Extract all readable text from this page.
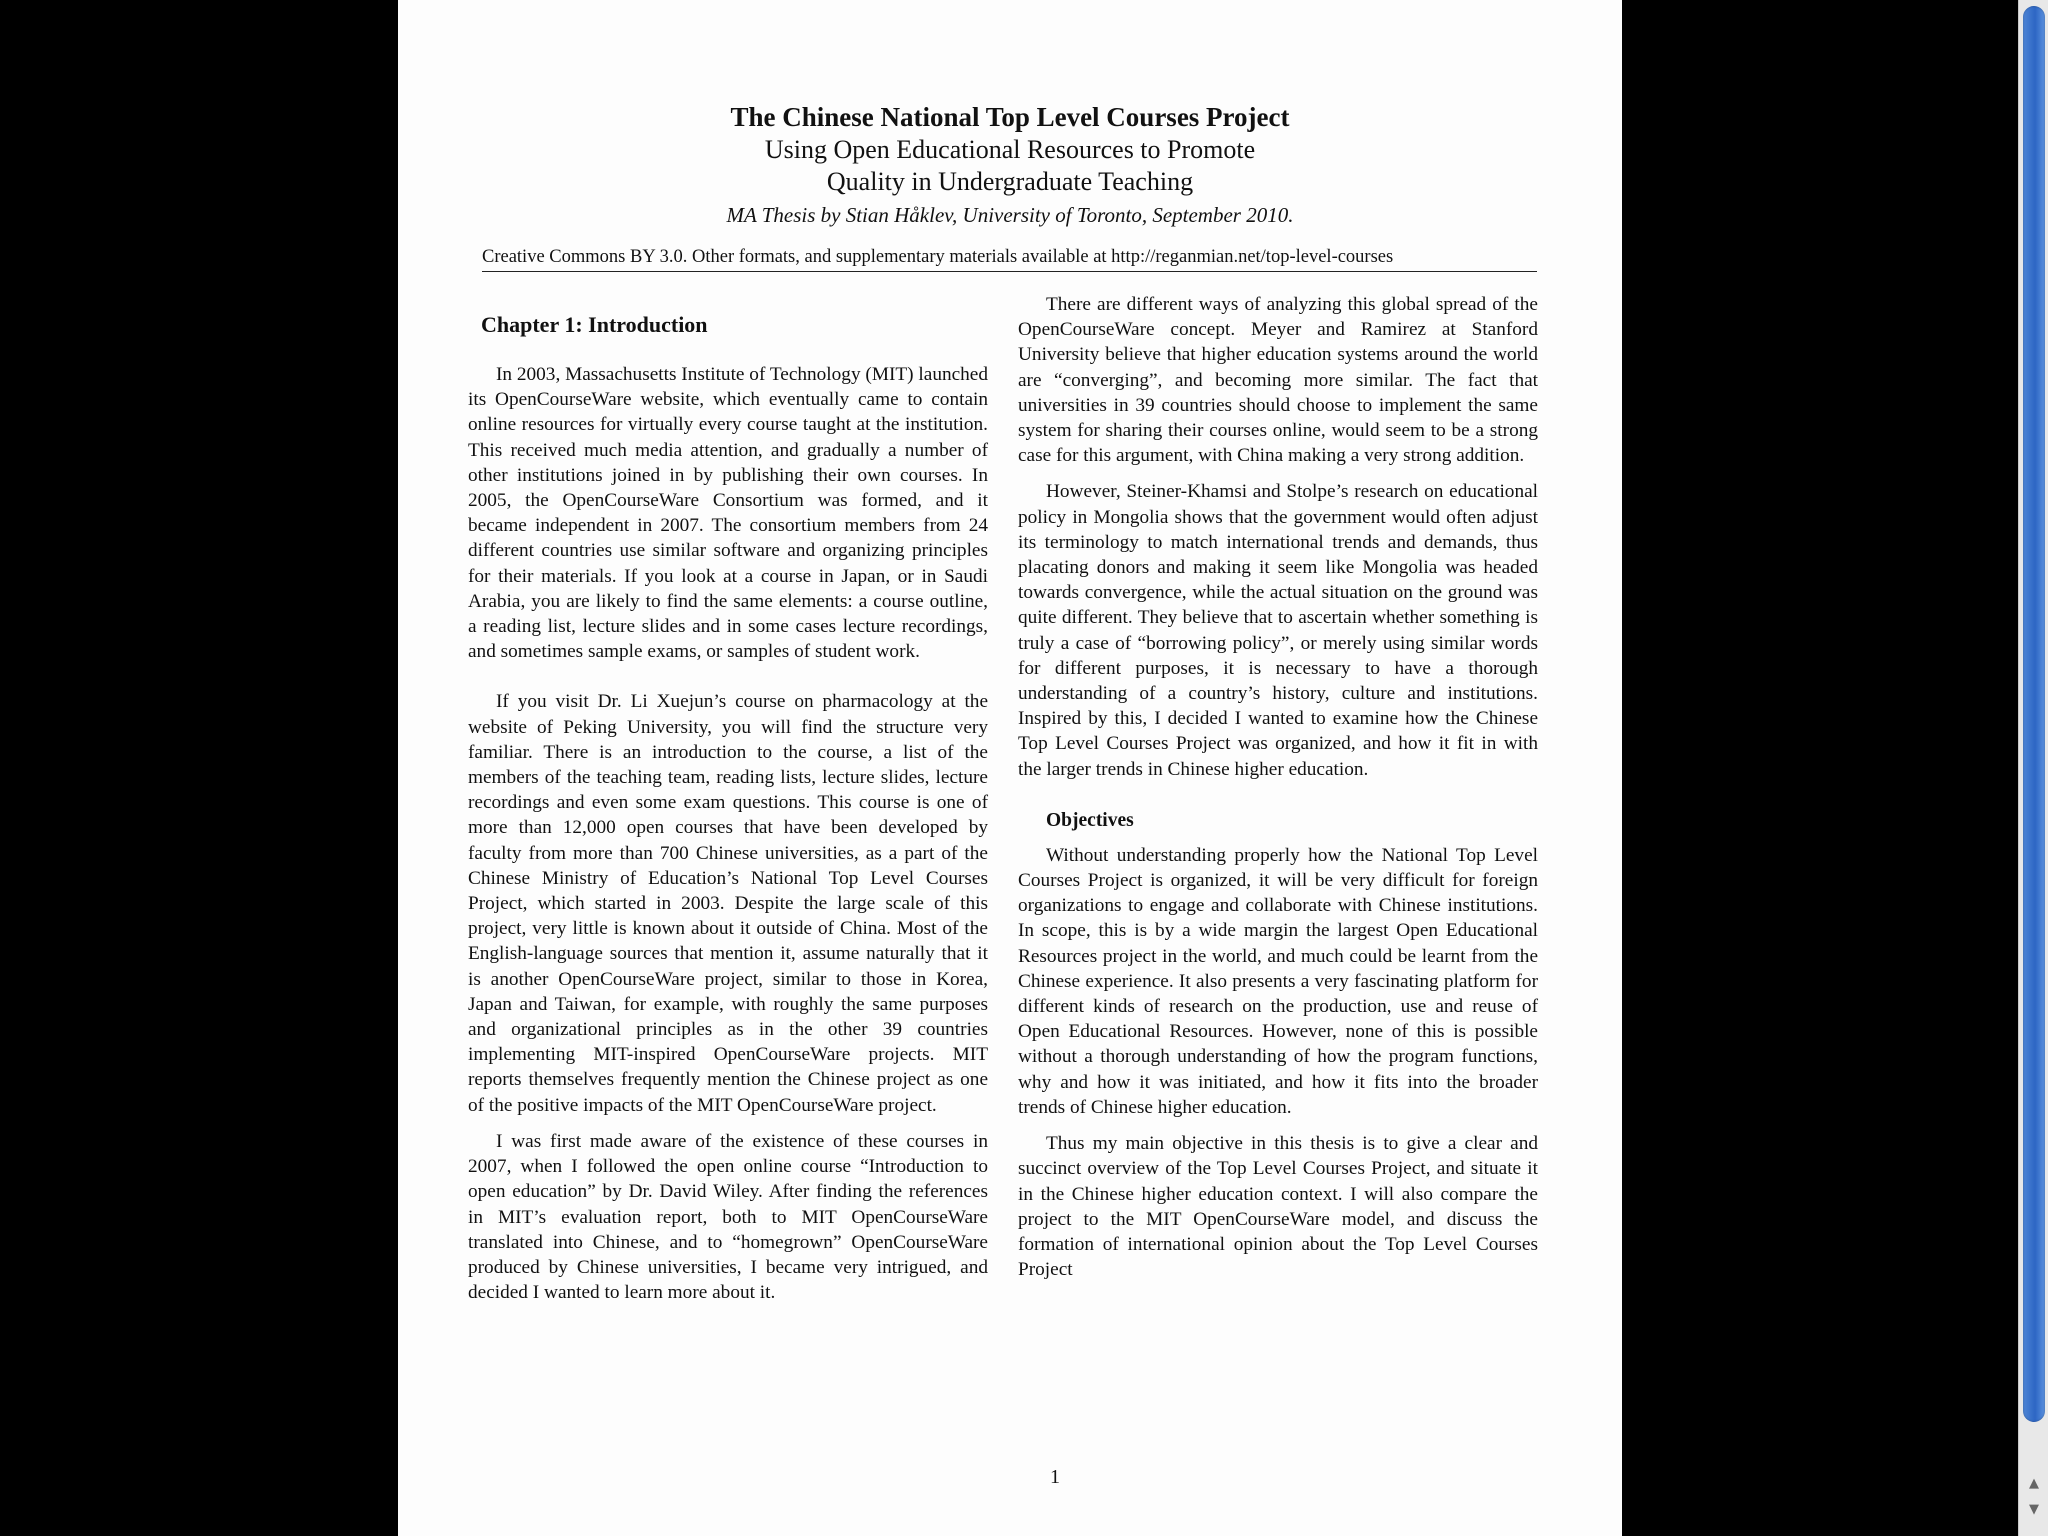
The Chinese National Top Level Courses Project
Using Open Educational Resources to Promote
Quality in Undergraduate Teaching
MA Thesis by Stian Håklev, University of Toronto, September 2010.
Creative Commons BY 3.0. Other formats, and supplementary materials available at http://reganmian.net/top-level-courses
Chapter 1: Introduction

In 2003, Massachusetts Institute of Technology (MIT) launched its OpenCourseWare website, which eventually came to contain online resources for virtually every course taught at the institution. This received much media attention, and gradually a number of other institutions joined in by publishing their own courses. In 2005, the OpenCourseWare Consortium was formed, and it became independent in 2007. The consortium members from 24 different countries use similar software and organizing principles for their materials. If you look at a course in Japan, or in Saudi Arabia, you are likely to find the same elements: a course outline, a reading list, lecture slides and in some cases lecture recordings, and sometimes sample exams, or samples of student work.

If you visit Dr. Li Xuejun’s course on pharmacology at the website of Peking University, you will find the structure very familiar. There is an introduction to the course, a list of the members of the teaching team, reading lists, lecture slides, lecture recordings and even some exam questions. This course is one of more than 12,000 open courses that have been developed by faculty from more than 700 Chinese universities, as a part of the Chinese Ministry of Education’s National Top Level Courses Project, which started in 2003. Despite the large scale of this project, very little is known about it outside of China. Most of the English-language sources that mention it, assume naturally that it is another OpenCourseWare project, similar to those in Korea, Japan and Taiwan, for example, with roughly the same purposes and organizational principles as in the other 39 countries implementing MIT-inspired OpenCourseWare projects. MIT reports themselves frequently mention the Chinese project as one of the positive impacts of the MIT OpenCourseWare project.

I was first made aware of the existence of these courses in 2007, when I followed the open online course “Introduction to open education” by Dr. David Wiley. After finding the references in MIT’s evaluation report, both to MIT OpenCourseWare translated into Chinese, and to “homegrown” OpenCourseWare produced by Chinese universities, I became very intrigued, and decided I wanted to learn more about it.

There are different ways of analyzing this global spread of the OpenCourseWare concept. Meyer and Ramirez at Stanford University believe that higher education systems around the world are “converging”, and becoming more similar. The fact that universities in 39 countries should choose to implement the same system for sharing their courses online, would seem to be a strong case for this argument, with China making a very strong addition.

However, Steiner-Khamsi and Stolpe’s research on educational policy in Mongolia shows that the government would often adjust its terminology to match international trends and demands, thus placating donors and making it seem like Mongolia was headed towards convergence, while the actual situation on the ground was quite different. They believe that to ascertain whether something is truly a case of “borrowing policy”, or merely using similar words for different purposes, it is necessary to have a thorough understanding of a country’s history, culture and institutions. Inspired by this, I decided I wanted to examine how the Chinese Top Level Courses Project was organized, and how it fit in with the larger trends in Chinese higher education.

Objectives

Without understanding properly how the National Top Level Courses Project is organized, it will be very difficult for foreign organizations to engage and collaborate with Chinese institutions. In scope, this is by a wide margin the largest Open Educational Resources project in the world, and much could be learnt from the Chinese experience. It also presents a very fascinating platform for different kinds of research on the production, use and reuse of Open Educational Resources. However, none of this is possible without a thorough understanding of how the program functions, why and how it was initiated, and how it fits into the broader trends of Chinese higher education.

Thus my main objective in this thesis is to give a clear and succinct overview of the Top Level Courses Project, and situate it in the Chinese higher education context. I will also compare the project to the MIT OpenCourseWare model, and discuss the formation of international opinion about the Top Level Courses Project

1	▲
▼
